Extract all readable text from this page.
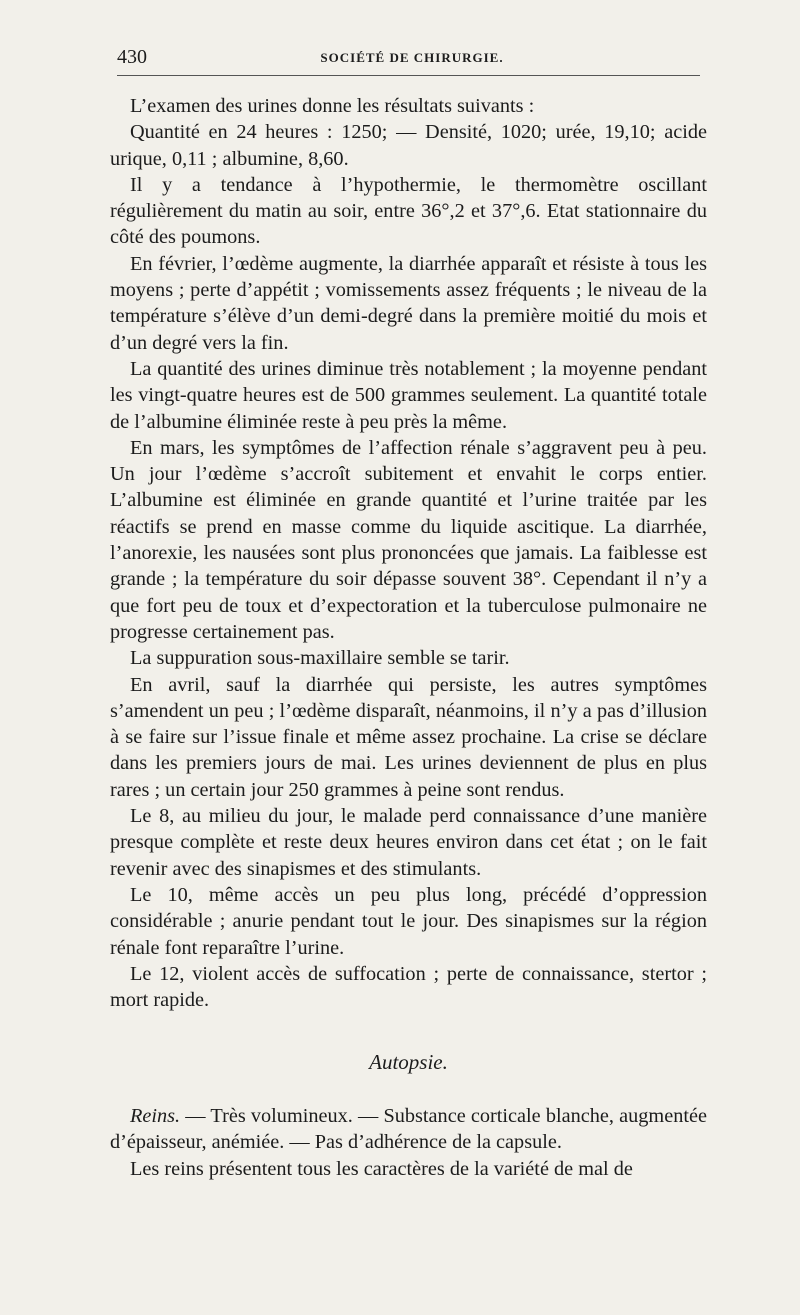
430	SOCIÉTÉ DE CHIRURGIE.

L’examen des urines donne les résultats suivants :

Quantité en 24 heures : 1250; — Densité, 1020; urée, 19,10; acide urique, 0,11 ; albumine, 8,60.

Il y a tendance à l’hypothermie, le thermomètre oscillant régulièrement du matin au soir, entre 36°,2 et 37°,6. Etat stationnaire du côté des poumons.

En février, l’œdème augmente, la diarrhée apparaît et résiste à tous les moyens ; perte d’appétit ; vomissements assez fréquents ; le niveau de la température s’élève d’un demi-degré dans la première moitié du mois et d’un degré vers la fin.

La quantité des urines diminue très notablement ; la moyenne pendant les vingt-quatre heures est de 500 grammes seulement. La quantité totale de l’albumine éliminée reste à peu près la même.

En mars, les symptômes de l’affection rénale s’aggravent peu à peu. Un jour l’œdème s’accroît subitement et envahit le corps entier. L’albumine est éliminée en grande quantité et l’urine traitée par les réactifs se prend en masse comme du liquide ascitique. La diarrhée, l’anorexie, les nausées sont plus prononcées que jamais. La faiblesse est grande ; la température du soir dépasse souvent 38°. Cependant il n’y a que fort peu de toux et d’expectoration et la tuberculose pulmonaire ne progresse certainement pas.

La suppuration sous-maxillaire semble se tarir.

En avril, sauf la diarrhée qui persiste, les autres symptômes s’amendent un peu ; l’œdème disparaît, néanmoins, il n’y a pas d’illusion à se faire sur l’issue finale et même assez prochaine. La crise se déclare dans les premiers jours de mai. Les urines deviennent de plus en plus rares ; un certain jour 250 grammes à peine sont rendus.

Le 8, au milieu du jour, le malade perd connaissance d’une manière presque complète et reste deux heures environ dans cet état ; on le fait revenir avec des sinapismes et des stimulants.

Le 10, même accès un peu plus long, précédé d’oppression considérable ; anurie pendant tout le jour. Des sinapismes sur la région rénale font reparaître l’urine.

Le 12, violent accès de suffocation ; perte de connaissance, stertor ; mort rapide.

Autopsie.

Reins. — Très volumineux. — Substance corticale blanche, augmentée d’épaisseur, anémiée. — Pas d’adhérence de la capsule.

Les reins présentent tous les caractères de la variété de mal de
